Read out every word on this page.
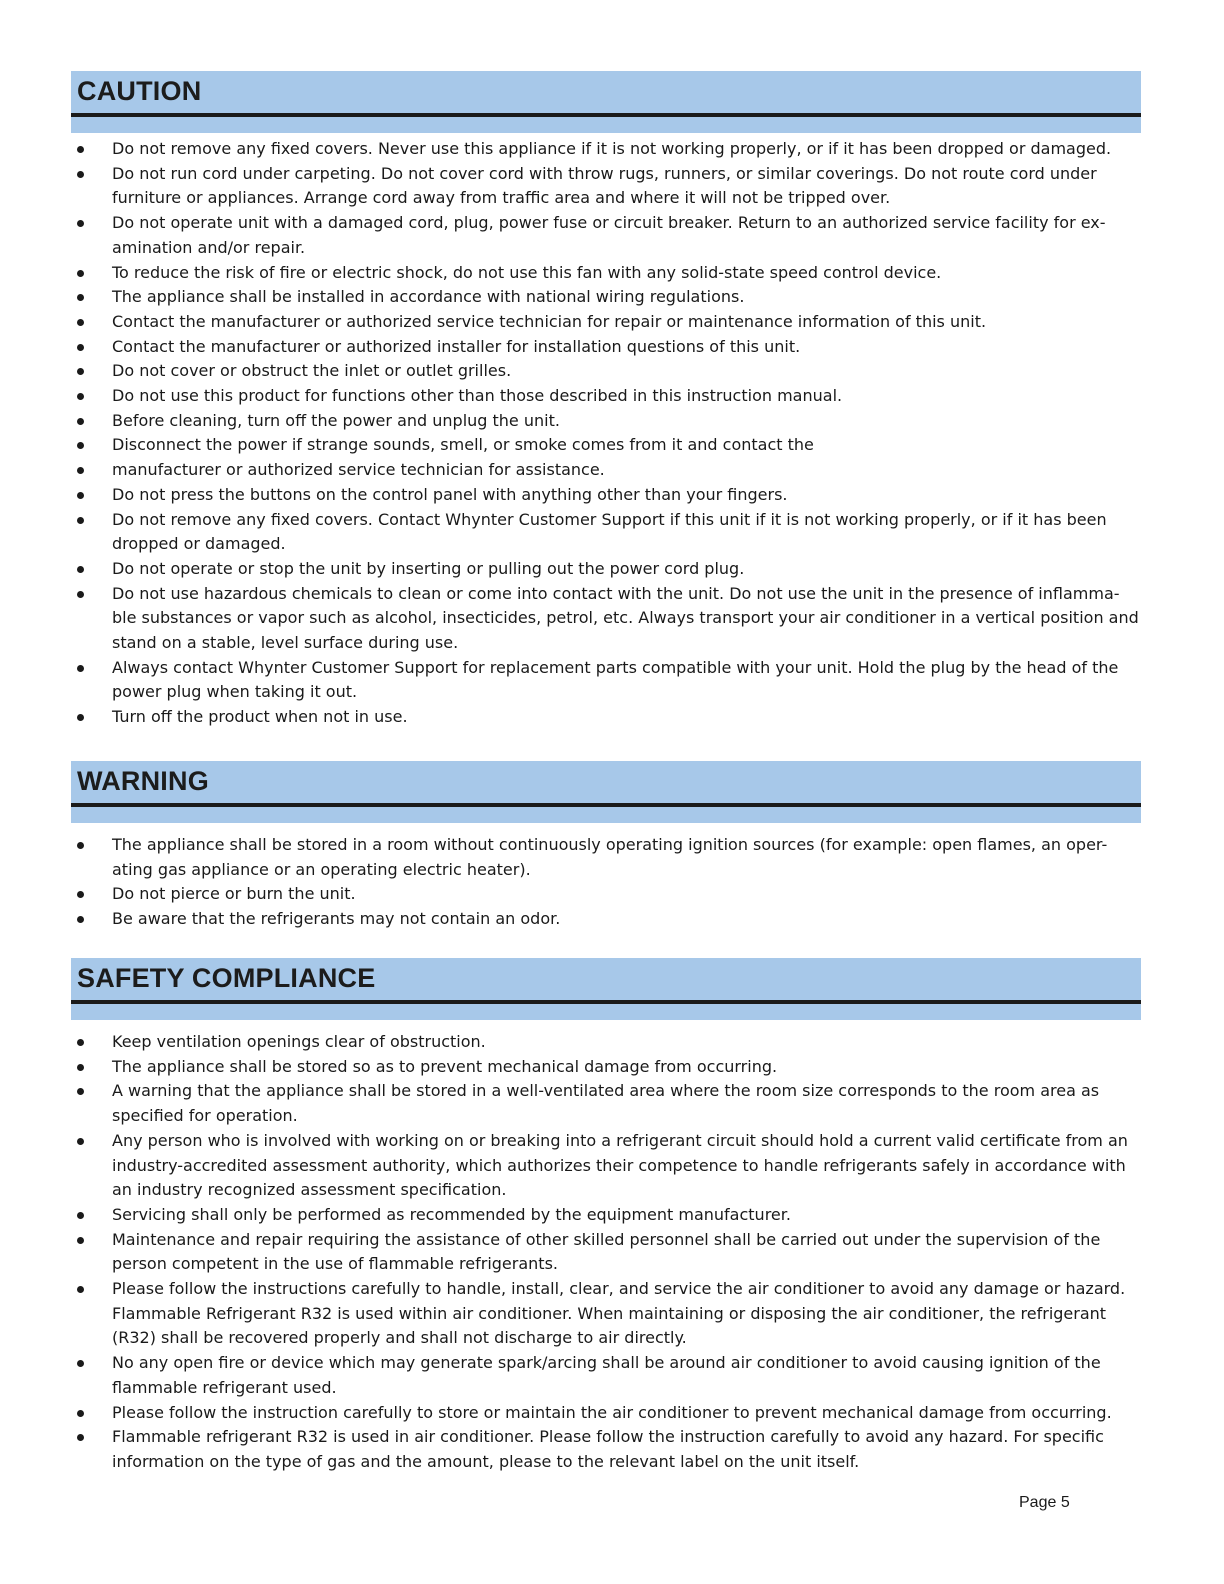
CAUTION
Do not remove any fixed covers. Never use this appliance if it is not working properly, or if it has been dropped or damaged.
Do not run cord under carpeting. Do not cover cord with throw rugs, runners, or similar coverings. Do not route cord under furniture or appliances. Arrange cord away from traffic area and where it will not be tripped over.
Do not operate unit with a damaged cord, plug, power fuse or circuit breaker. Return to an authorized service facility for ex-amination and/or repair.
To reduce the risk of fire or electric shock, do not use this fan with any solid-state speed control device.
The appliance shall be installed in accordance with national wiring regulations.
Contact the manufacturer or authorized service technician for repair or maintenance information of this unit.
Contact the manufacturer or authorized installer for installation questions of this unit.
Do not cover or obstruct the inlet or outlet grilles.
Do not use this product for functions other than those described in this instruction manual.
Before cleaning, turn off the power and unplug the unit.
Disconnect the power if strange sounds, smell, or smoke comes from it and contact the
manufacturer or authorized service technician for assistance.
Do not press the buttons on the control panel with anything other than your fingers.
Do not remove any fixed covers. Contact Whynter Customer Support if this unit if it is not working properly, or if it has been dropped or damaged.
Do not operate or stop the unit by inserting or pulling out the power cord plug.
Do not use hazardous chemicals to clean or come into contact with the unit. Do not use the unit in the presence of inflamma-ble substances or vapor such as alcohol, insecticides, petrol, etc. Always transport your air conditioner in a vertical position and stand on a stable, level surface during use.
Always contact Whynter Customer Support for replacement parts compatible with your unit. Hold the plug by the head of the power plug when taking it out.
Turn off the product when not in use.
WARNING
The appliance shall be stored in a room without continuously operating ignition sources (for example: open flames, an oper-ating gas appliance or an operating electric heater).
Do not pierce or burn the unit.
Be aware that the refrigerants may not contain an odor.
SAFETY COMPLIANCE
Keep ventilation openings clear of obstruction.
The appliance shall be stored so as to prevent mechanical damage from occurring.
A warning that the appliance shall be stored in a well-ventilated area where the room size corresponds to the room area as specified for operation.
Any person who is involved with working on or breaking into a refrigerant circuit should hold a current valid certificate from an industry-accredited assessment authority, which authorizes their competence to handle refrigerants safely in accordance with an industry recognized assessment specification.
Servicing shall only be performed as recommended by the equipment manufacturer.
Maintenance and repair requiring the assistance of other skilled personnel shall be carried out under the supervision of the person competent in the use of flammable refrigerants.
Please follow the instructions carefully to handle, install, clear, and service the air conditioner to avoid any damage or hazard. Flammable Refrigerant R32 is used within air conditioner. When maintaining or disposing the air conditioner, the refrigerant (R32) shall be recovered properly and shall not discharge to air directly.
No any open fire or device which may generate spark/arcing shall be around air conditioner to avoid causing ignition of the flammable refrigerant used.
Please follow the instruction carefully to store or maintain the air conditioner to prevent mechanical damage from occurring.
Flammable refrigerant R32 is used in air conditioner. Please follow the instruction carefully to avoid any hazard. For specific information on the type of gas and the amount, please to the relevant label on the unit itself.
Page 5
